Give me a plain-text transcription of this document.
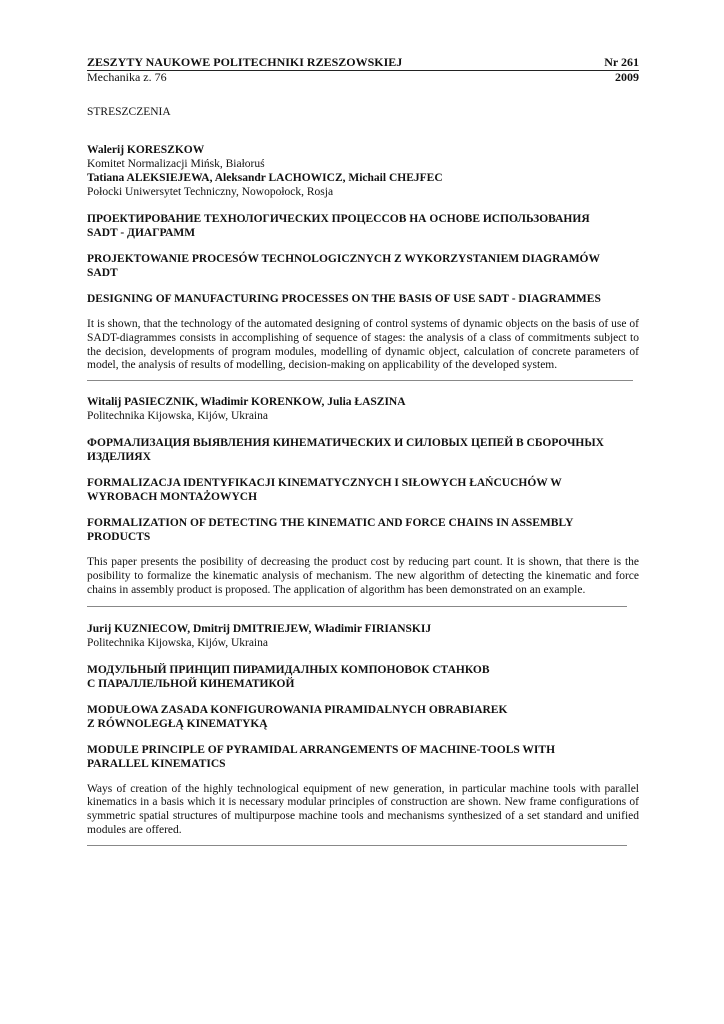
ZESZYTY NAUKOWE POLITECHNIKI RZESZOWSKIEJ	Nr 261
Mechanika z. 76	2009
STRESZCZENIA
Walerij KORESZKOW
Komitet Normalizacji Mińsk, Białoruś
Tatiana ALEKSIEJEWA, Aleksandr LACHOWICZ, Michail CHEJFEC
Połocki Uniwersytet Techniczny, Nowopołock, Rosja
ПРОЕКТИРОВАНИЕ ТЕХНОЛОГИЧЕСКИХ ПРОЦЕССОВ НА ОСНОВЕ ИСПОЛЬЗОВАНИЯ
SADT - ДИАГРАММ
PROJEKTOWANIE PROCESÓW TECHNOLOGICZNYCH Z WYKORZYSTANIEM DIAGRAMÓW
SADT
DESIGNING OF MANUFACTURING PROCESSES ON THE BASIS OF USE SADT - DIAGRAMMES
It is shown, that the technology of the automated designing of control systems of dynamic objects on the basis of use of SADT-diagrammes consists in accomplishing of sequence of stages: the analysis of a class of commitments subject to the decision, developments of program modules, modelling of dynamic object, calculation of concrete parameters of model, the analysis of results of modelling, decision-making on applicability of the developed system.
Witalij PASIECZNIK, Władimir KORENKOW, Julia ŁASZINA
Politechnika Kijowska, Kijów, Ukraina
ФОРМАЛИЗАЦИЯ ВЫЯВЛЕНИЯ КИНЕМАТИЧЕСКИХ И СИЛОВЫХ ЦЕПЕЙ В СБОРОЧНЫХ
ИЗДЕЛИЯХ
FORMALIZACJA IDENTYFIKACJI KINEMATYCZNYCH I SIŁOWYCH ŁAŃCUCHÓW W
WYROBACH MONTAŻOWYCH
FORMALIZATION OF DETECTING THE KINEMATIC AND FORCE CHAINS IN ASSEMBLY
PRODUCTS
This paper presents the posibility of decreasing the product cost by reducing part count. It is shown, that there is the posibility to formalize the kinematic analysis of mechanism. The new algorithm of detecting the kinematic and force chains in assembly product is proposed. The application of algorithm has been demonstrated on an example.
Jurij KUZNIECOW, Dmitrij DMITRIEJEW, Władimir FIRIANSKIJ
Politechnika Kijowska, Kijów, Ukraina
МОДУЛЬНЫЙ ПРИНЦИП ПИРАМИДАЛНЫХ КОМПОНОВОК СТАНКОВ
С ПАРАЛЛЕЛЬНОЙ КИНЕМАТИКОЙ
MODUŁOWA ZASADA KONFIGUROWANIA PIRAMIDALNYCH OBRABIAREK
Z RÓWNOLEGŁĄ KINEMATYKĄ
MODULE PRINCIPLE OF PYRAMIDAL ARRANGEMENTS OF MACHINE-TOOLS WITH
PARALLEL KINEMATICS
Ways of creation of the highly technological equipment of new generation, in particular machine tools with parallel kinematics in a basis which it is necessary modular principles of construction are shown. New frame configurations of symmetric spatial structures of multipurpose machine tools and mechanisms synthesized of a set standard and unified modules are offered.
